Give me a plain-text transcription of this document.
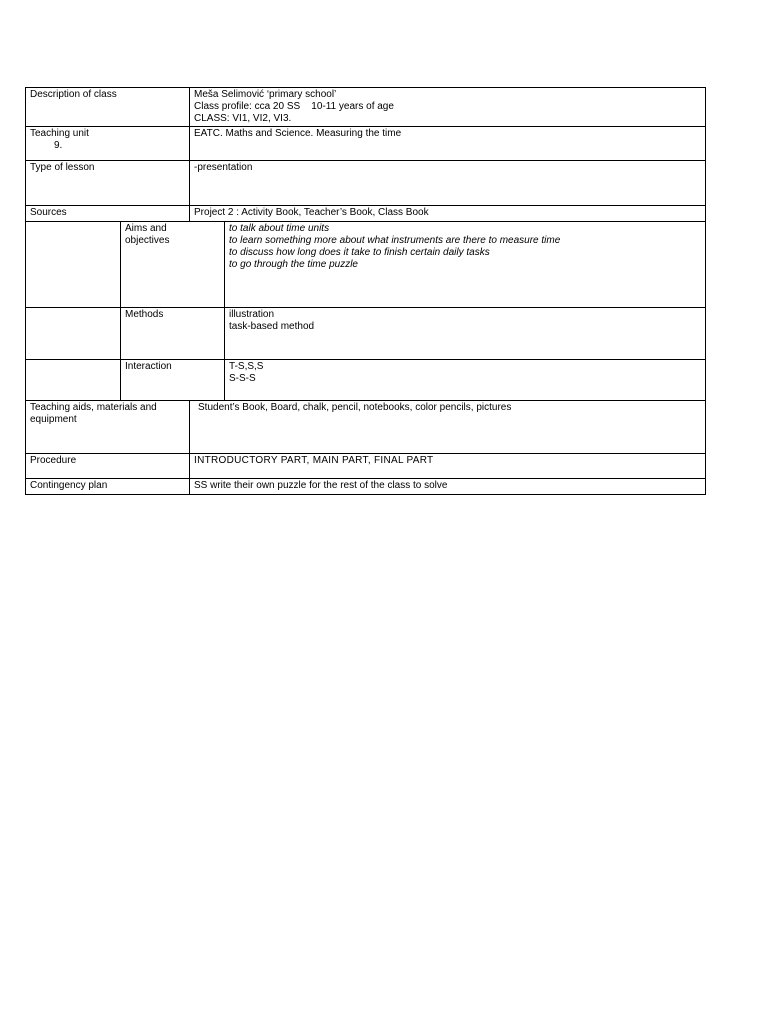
Description of class		Meša Selimović ‘primary school’
Class profile: cca 20 SS    10-11 years of age
CLASS: VI1, VI2, VI3.	

Teaching unit
9.		EATC. Maths and Science. Measuring the time	

Type of lesson		-presentation	

Sources		Project 2 : Activity Book, Teacher’s Book, Class Book	

	Aims and
objectives		to talk about time units
to learn something more about what instruments are there to measure time
to discuss how long does it take to finish certain daily tasks
to go through the time puzzle

	Methods		illustration
task-based method

	Interaction		T-S,S,S
S-S-S

Teaching aids, materials and
equipment		Student’s Book, Board, chalk, pencil, notebooks, color pencils, pictures	

Procedure		INTRODUCTORY PART, MAIN PART, FINAL PART	

Contingency plan		SS write their own puzzle for the rest of the class to solve	
